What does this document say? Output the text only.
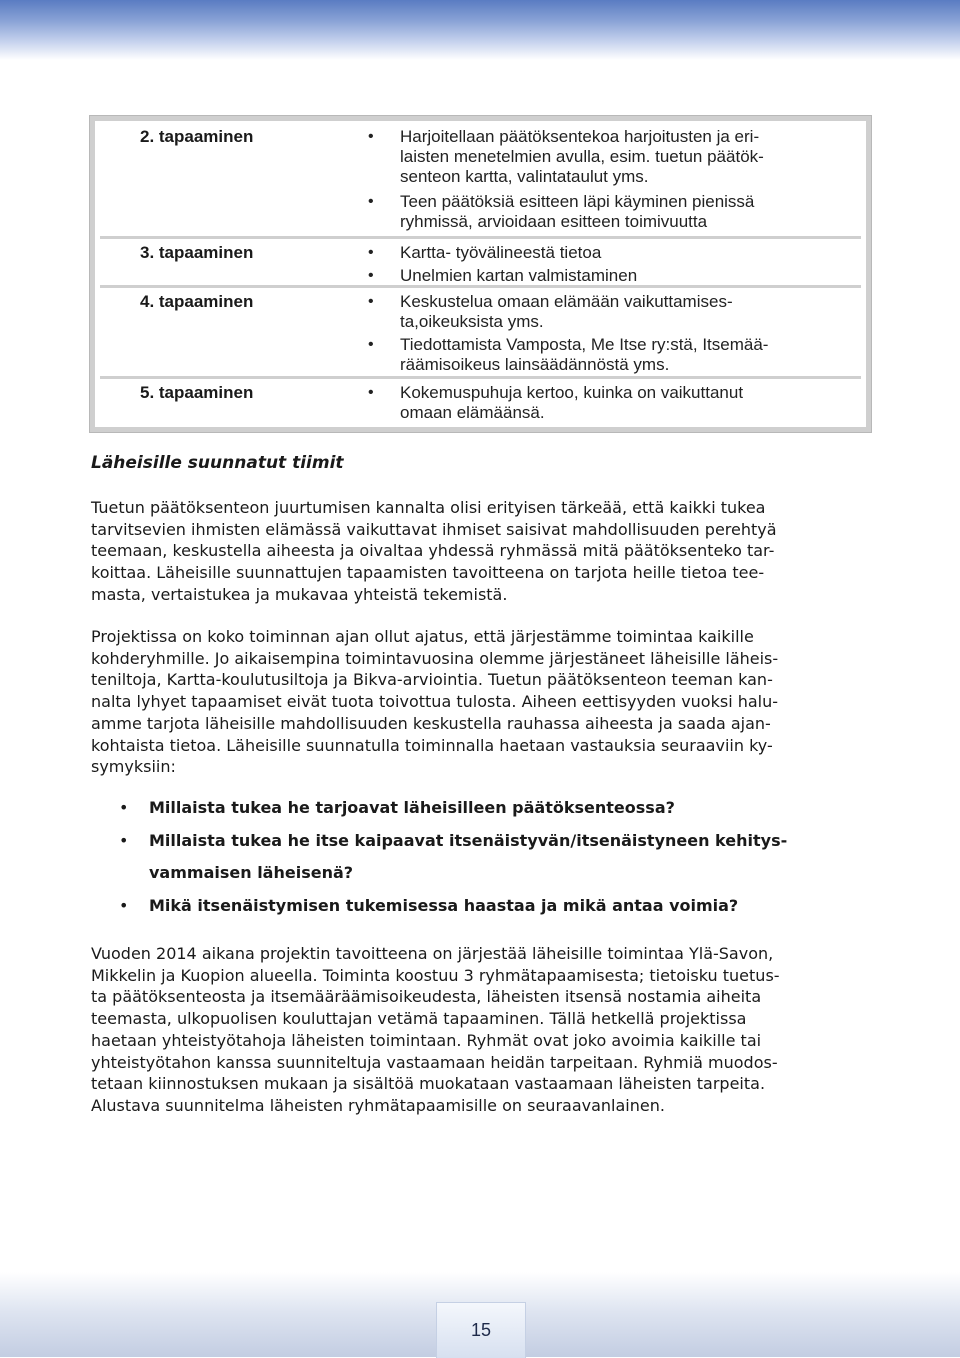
2. tapaaminen	• Harjoitellaan päätöksentekoa harjoitusten ja eri-
laisten menetelmien avulla, esim. tuetun päätök-
senteon kartta, valintataulut yms.
• Teen päätöksiä esitteen läpi käyminen pienissä
ryhmissä, arvioidaan esitteen toimivuutta
3. tapaaminen	• Kartta- työvälineestä tietoa
• Unelmien kartan valmistaminen
4. tapaaminen	• Keskustelua omaan elämään vaikuttamises-
ta,oikeuksista yms.
• Tiedottamista Vamposta, Me Itse ry:stä, Itsemää-
räämisoikeus lainsäädännöstä yms.
5. tapaaminen	• Kokemuspuhuja kertoo, kuinka on vaikuttanut
omaan elämäänsä.
Läheisille suunnatut tiimit
Tuetun päätöksenteon juurtumisen kannalta olisi erityisen tärkeää, että kaikki tukea
tarvitsevien ihmisten elämässä vaikuttavat ihmiset saisivat mahdollisuuden perehtyä
teemaan, keskustella aiheesta ja oivaltaa yhdessä ryhmässä mitä päätöksenteko tar-
koittaa. Läheisille suunnattujen tapaamisten tavoitteena on tarjota heille tietoa tee-
masta, vertaistukea ja mukavaa yhteistä tekemistä.
Projektissa on koko toiminnan ajan ollut ajatus, että järjestämme toimintaa kaikille
kohderyhmille. Jo aikaisempina toimintavuosina olemme järjestäneet läheisille läheis-
teniltoja, Kartta-koulutusiltoja ja Bikva-arviointia. Tuetun päätöksenteon teeman kan-
nalta lyhyet tapaamiset eivät tuota toivottua tulosta. Aiheen eettisyyden vuoksi halu-
amme tarjota läheisille mahdollisuuden keskustella rauhassa aiheesta ja saada ajan-
kohtaista tietoa. Läheisille suunnatulla toiminnalla haetaan vastauksia seuraaviin ky-
symyksiin:
• Millaista tukea he tarjoavat läheisilleen päätöksenteossa?
• Millaista tukea he itse kaipaavat itsenäistyvän/itsenäistyneen kehitys-
vammaisen läheisenä?
• Mikä itsenäistymisen tukemisessa haastaa ja mikä antaa voimia?
Vuoden 2014 aikana projektin tavoitteena on järjestää läheisille toimintaa Ylä-Savon,
Mikkelin ja Kuopion alueella. Toiminta koostuu 3 ryhmätapaamisesta; tietoisku tuetus-
ta päätöksenteosta ja itsemääräämisoikeudesta, läheisten itsensä nostamia aiheita
teemasta, ulkopuolisen kouluttajan vetämä tapaaminen. Tällä hetkellä projektissa
haetaan yhteistyötahoja läheisten toimintaan. Ryhmät ovat joko avoimia kaikille tai
yhteistyötahon kanssa suunniteltuja vastaamaan heidän tarpeitaan. Ryhmiä muodos-
tetaan kiinnostuksen mukaan ja sisältöä muokataan vastaamaan läheisten tarpeita.
Alustava suunnitelma läheisten ryhmätapaamisille on seuraavanlainen.
15
